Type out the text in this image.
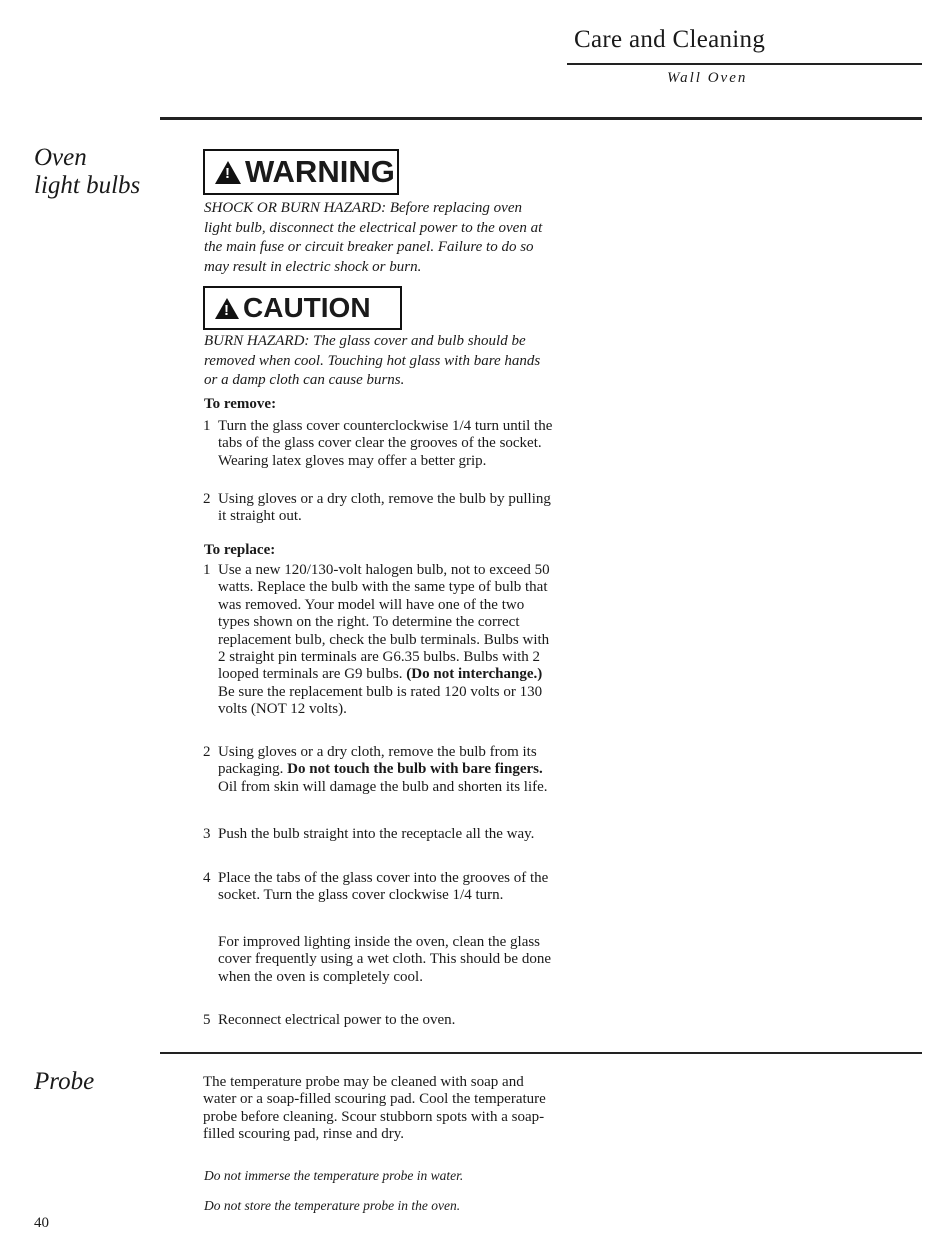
Care and Cleaning
Wall Oven
Oven
light bulbs	! WARNING
SHOCK OR BURN HAZARD: Before replacing oven light bulb, disconnect the electrical power to the oven at the main fuse or circuit breaker panel. Failure to do so may result in electric shock or burn.
! CAUTION
BURN HAZARD: The glass cover and bulb should be removed when cool. Touching hot glass with bare hands or a damp cloth can cause burns.
To remove:
1 Turn the glass cover counterclockwise 1/4 turn until the tabs of the glass cover clear the grooves of the socket. Wearing latex gloves may offer a better grip.
2 Using gloves or a dry cloth, remove the bulb by pulling it straight out.
To replace:
1 Use a new 120/130-volt halogen bulb, not to exceed 50 watts. Replace the bulb with the same type of bulb that was removed. Your model will have one of the two types shown on the right. To determine the correct replacement bulb, check the bulb terminals. Bulbs with 2 straight pin terminals are G6.35 bulbs. Bulbs with 2 looped terminals are G9 bulbs. (Do not interchange.) Be sure the replacement bulb is rated 120 volts or 130 volts (NOT 12 volts).
2 Using gloves or a dry cloth, remove the bulb from its packaging. Do not touch the bulb with bare fingers. Oil from skin will damage the bulb and shorten its life.
3 Push the bulb straight into the receptacle all the way.
4 Place the tabs of the glass cover into the grooves of the socket. Turn the glass cover clockwise 1/4 turn.
For improved lighting inside the oven, clean the glass cover frequently using a wet cloth. This should be done when the oven is completely cool.
5 Reconnect electrical power to the oven.
Receptacle	Socket
G6.35 Bulb
Tab
Glass cover
(on some models)
Receptacle	Socket
G9 Bulb
Tab
Glass cover
(on some models)
Receptacle
Use gloves
or cloth
Probe	The temperature probe may be cleaned with soap and water or a soap-filled scouring pad. Cool the temperature probe before cleaning. Scour stubborn spots with a soap-filled scouring pad, rinse and dry.
Do not immerse the temperature probe in water.
Do not store the temperature probe in the oven.
40
